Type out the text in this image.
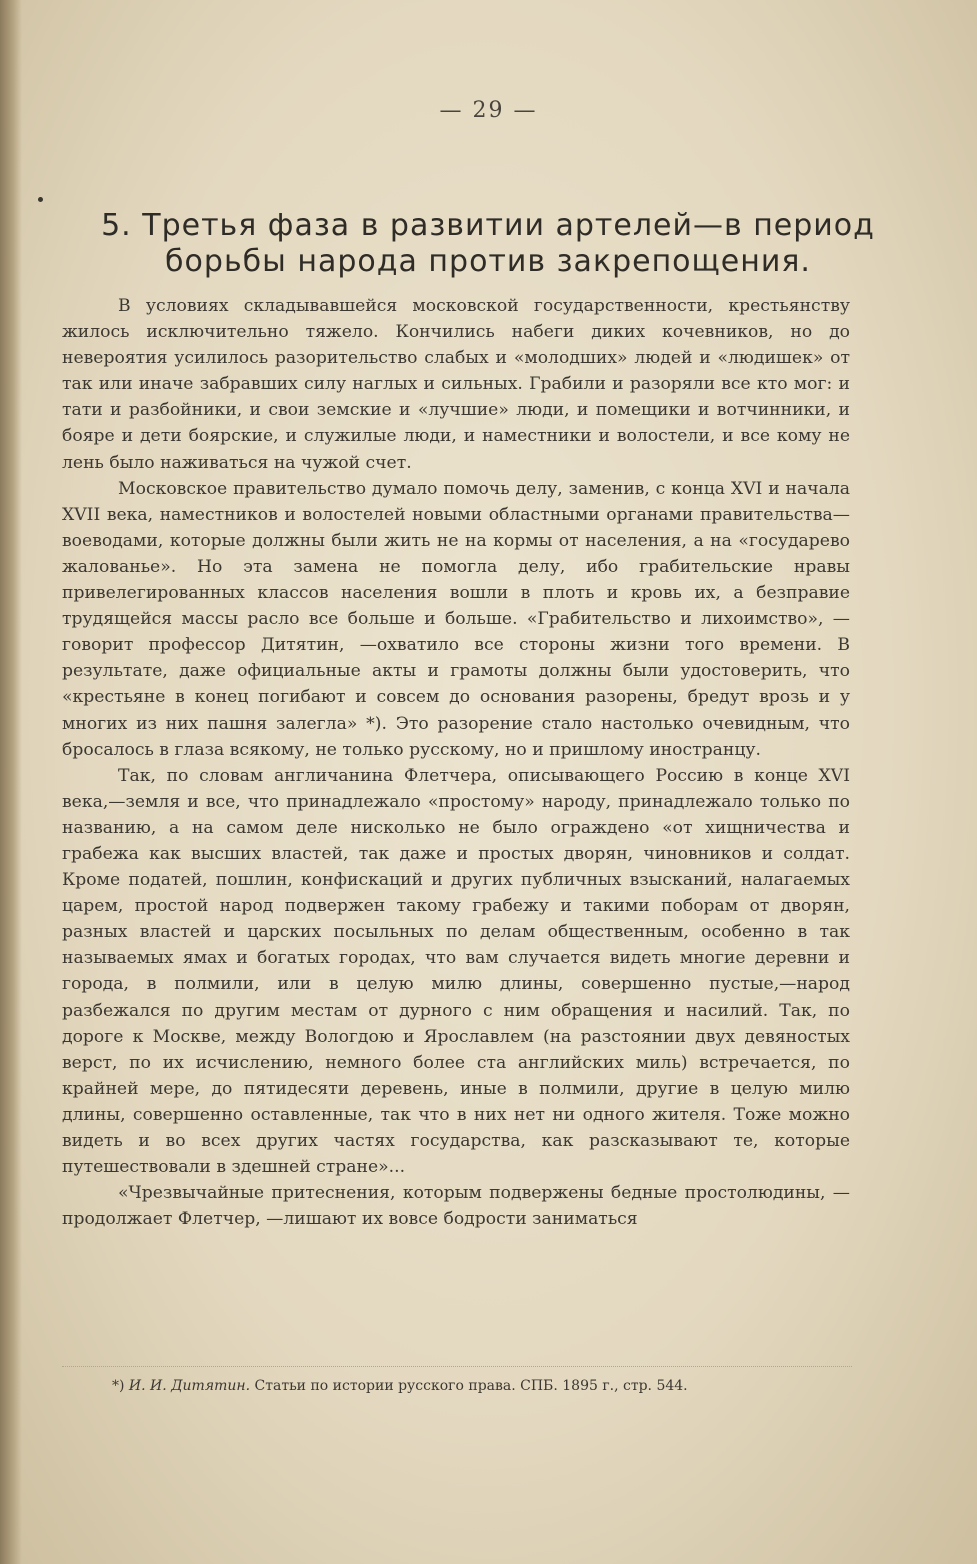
— 29 —
5. Третья фаза в развитии артелей—в период борьбы народа против закрепощения.

В условиях складывавшейся московской государственности, крестьянству жилось исключительно тяжело. Кончились набеги диких кочевников, но до невероятия усилилось разорительство слабых и «молодших» людей и «людишек» от так или иначе забравших силу наглых и сильных. Грабили и разоряли все кто мог: и тати и разбойники, и свои земские и «лучшие» люди, и помещики и вотчинники, и бояре и дети боярские, и служилые люди, и наместники и волостели, и все кому не лень было наживаться на чужой счет.

Московское правительство думало помочь делу, заменив, с конца XVI и начала XVII века, наместников и волостелей новыми областными органами правительства—воеводами, которые должны были жить не на кормы от населения, а на «государево жалованье». Но эта замена не помогла делу, ибо грабительские нравы привелегированных классов населения вошли в плоть и кровь их, а безправие трудящейся массы расло все больше и больше. «Грабительство и лихоимство», —говорит профессор Дитятин, —охватило все стороны жизни того времени. В результате, даже официальные акты и грамоты должны были удостоверить, что «крестьяне в конец погибают и совсем до основания разорены, бредут врозь и у многих из них пашня залегла» *). Это разорение стало настолько очевидным, что бросалось в глаза всякому, не только русскому, но и пришлому иностранцу.

Так, по словам англичанина Флетчера, описывающего Россию в конце XVI века,—земля и все, что принадлежало «простому» народу, принадлежало только по названию, а на самом деле нисколько не было ограждено «от хищничества и грабежа как высших властей, так даже и простых дворян, чиновников и солдат. Кроме податей, пошлин, конфискаций и других публичных взысканий, налагаемых царем, простой народ подвержен такому грабежу и такими поборам от дворян, разных властей и царских посыльных по делам общественным, особенно в так называемых ямах и богатых городах, что вам случается видеть многие деревни и города, в полмили, или в целую милю длины, совершенно пустые,—народ разбежался по другим местам от дурного с ним обращения и насилий. Так, по дороге к Москве, между Вологдою и Ярославлем (на разстоянии двух девяностых верст, по их исчислению, немного более ста английских миль) встречается, по крайней мере, до пятидесяти деревень, иные в полмили, другие в целую милю длины, совершенно оставленные, так что в них нет ни одного жителя. Тоже можно видеть и во всех других частях государства, как разсказывают те, которые путешествовали в здешней стране»...

«Чрезвычайные притеснения, которым подвержены бедные простолюдины, —продолжает Флетчер, —лишают их вовсе бодрости заниматься

*) И. И. Дитятин. Статьи по истории русского права. СПБ. 1895 г., стр. 544.
